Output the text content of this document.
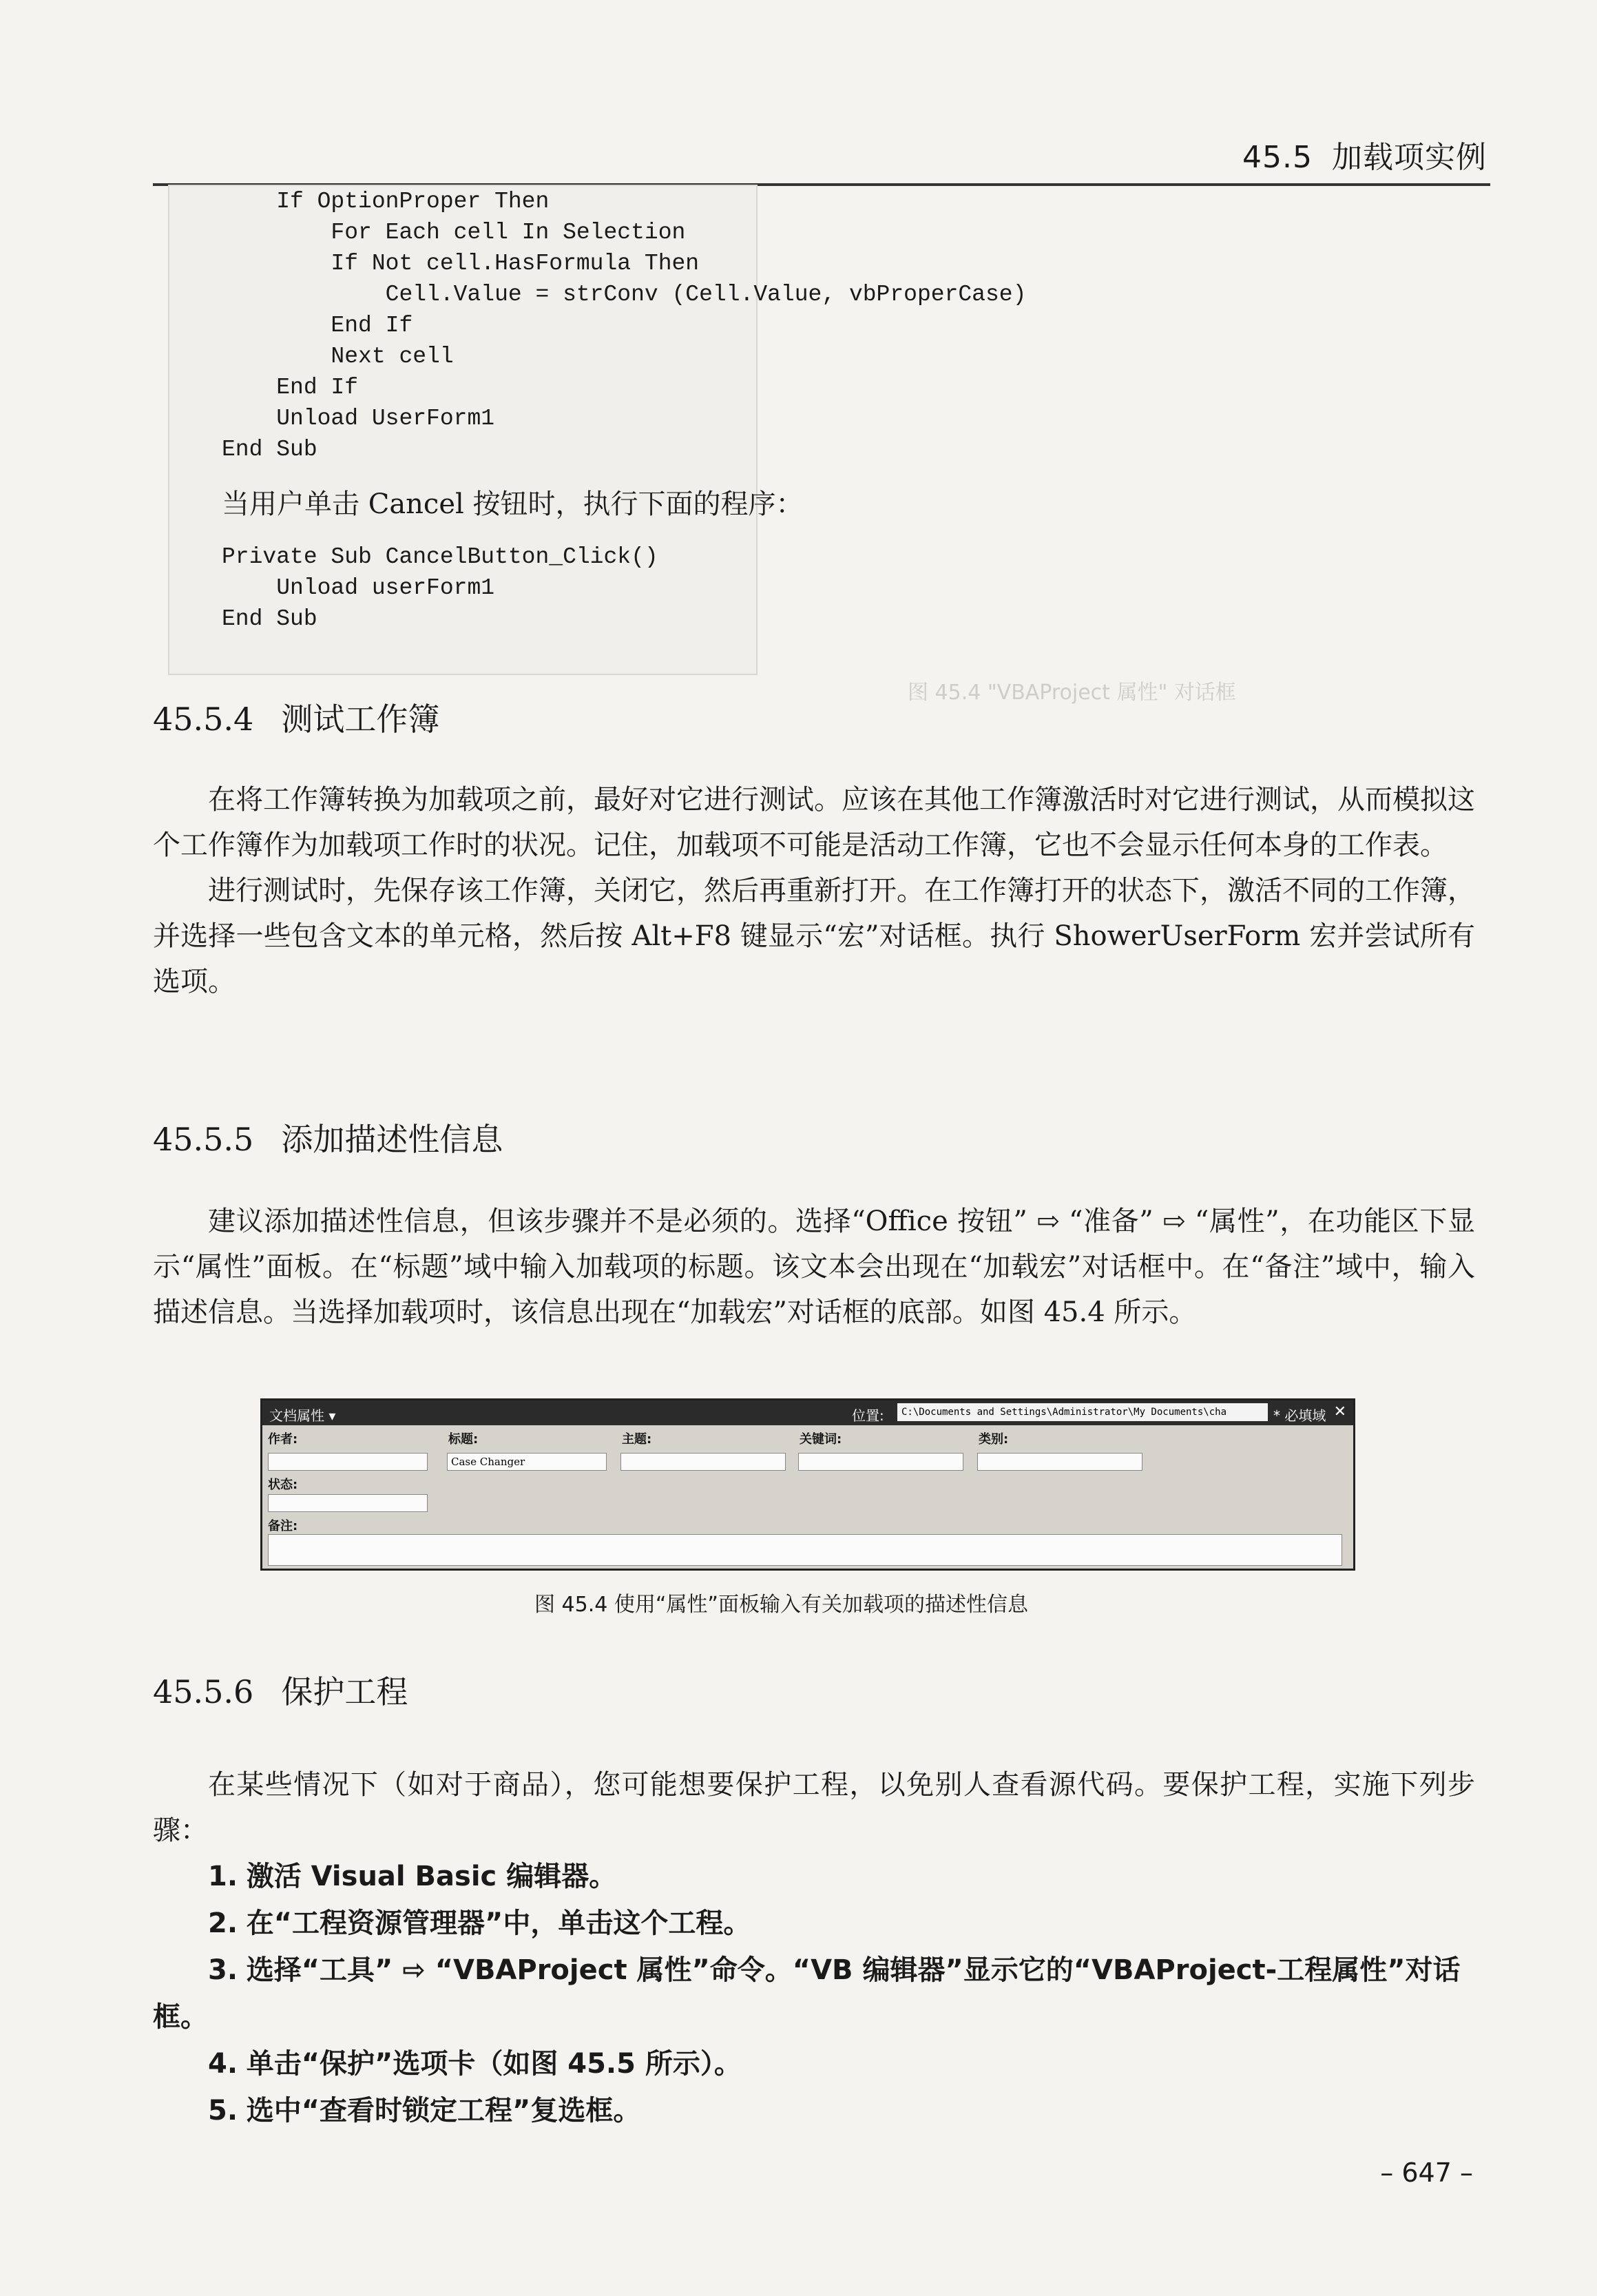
图 45.4 "VBAProject 属性" 对话框
45.5 加载项实例
If OptionProper Then
For Each cell In Selection
If Not cell.HasFormula Then
Cell.Value = strConv (Cell.Value, vbProperCase)
End If
Next cell
End If
Unload UserForm1
End Sub
当用户单击 Cancel 按钮时，执行下面的程序：
Private Sub CancelButton_Click()
Unload userForm1
End Sub
45.5.4 测试工作簿

在将工作簿转换为加载项之前，最好对它进行测试。应该在其他工作簿激活时对它进行测试，从而模拟这个工作簿作为加载项工作时的状况。记住，加载项不可能是活动工作簿，它也不会显示任何本身的工作表。

进行测试时，先保存该工作簿，关闭它，然后再重新打开。在工作簿打开的状态下，激活不同的工作簿，并选择一些包含文本的单元格，然后按 Alt+F8 键显示“宏”对话框。执行 ShowerUserForm 宏并尝试所有选项。

45.5.5 添加描述性信息

建议添加描述性信息，但该步骤并不是必须的。选择“Office 按钮” ⇨ “准备” ⇨ “属性”，在功能区下显示“属性”面板。在“标题”域中输入加载项的标题。该文本会出现在“加载宏”对话框中。在“备注”域中，输入描述信息。当选择加载项时，该信息出现在“加载宏”对话框的底部。如图 45.4 所示。

文档属性 ▾	位置:	C:\Documents and Settings\Administrator\My Documents\cha	* 必填域 ✕
作者:	标题:
Case Changer
主题:	关键词:	类别:
状态:
备注:
图 45.4 使用“属性”面板输入有关加载项的描述性信息
45.5.6 保护工程

在某些情况下（如对于商品），您可能想要保护工程，以免别人查看源代码。要保护工程，实施下列步骤：

1. 激活 Visual Basic 编辑器。
2. 在“工程资源管理器”中，单击这个工程。
3. 选择“工具” ⇨ “VBAProject 属性”命令。“VB 编辑器”显示它的“VBAProject-工程属性”对话框。
4. 单击“保护”选项卡（如图 45.5 所示）。
5. 选中“查看时锁定工程”复选框。
– 647 –
